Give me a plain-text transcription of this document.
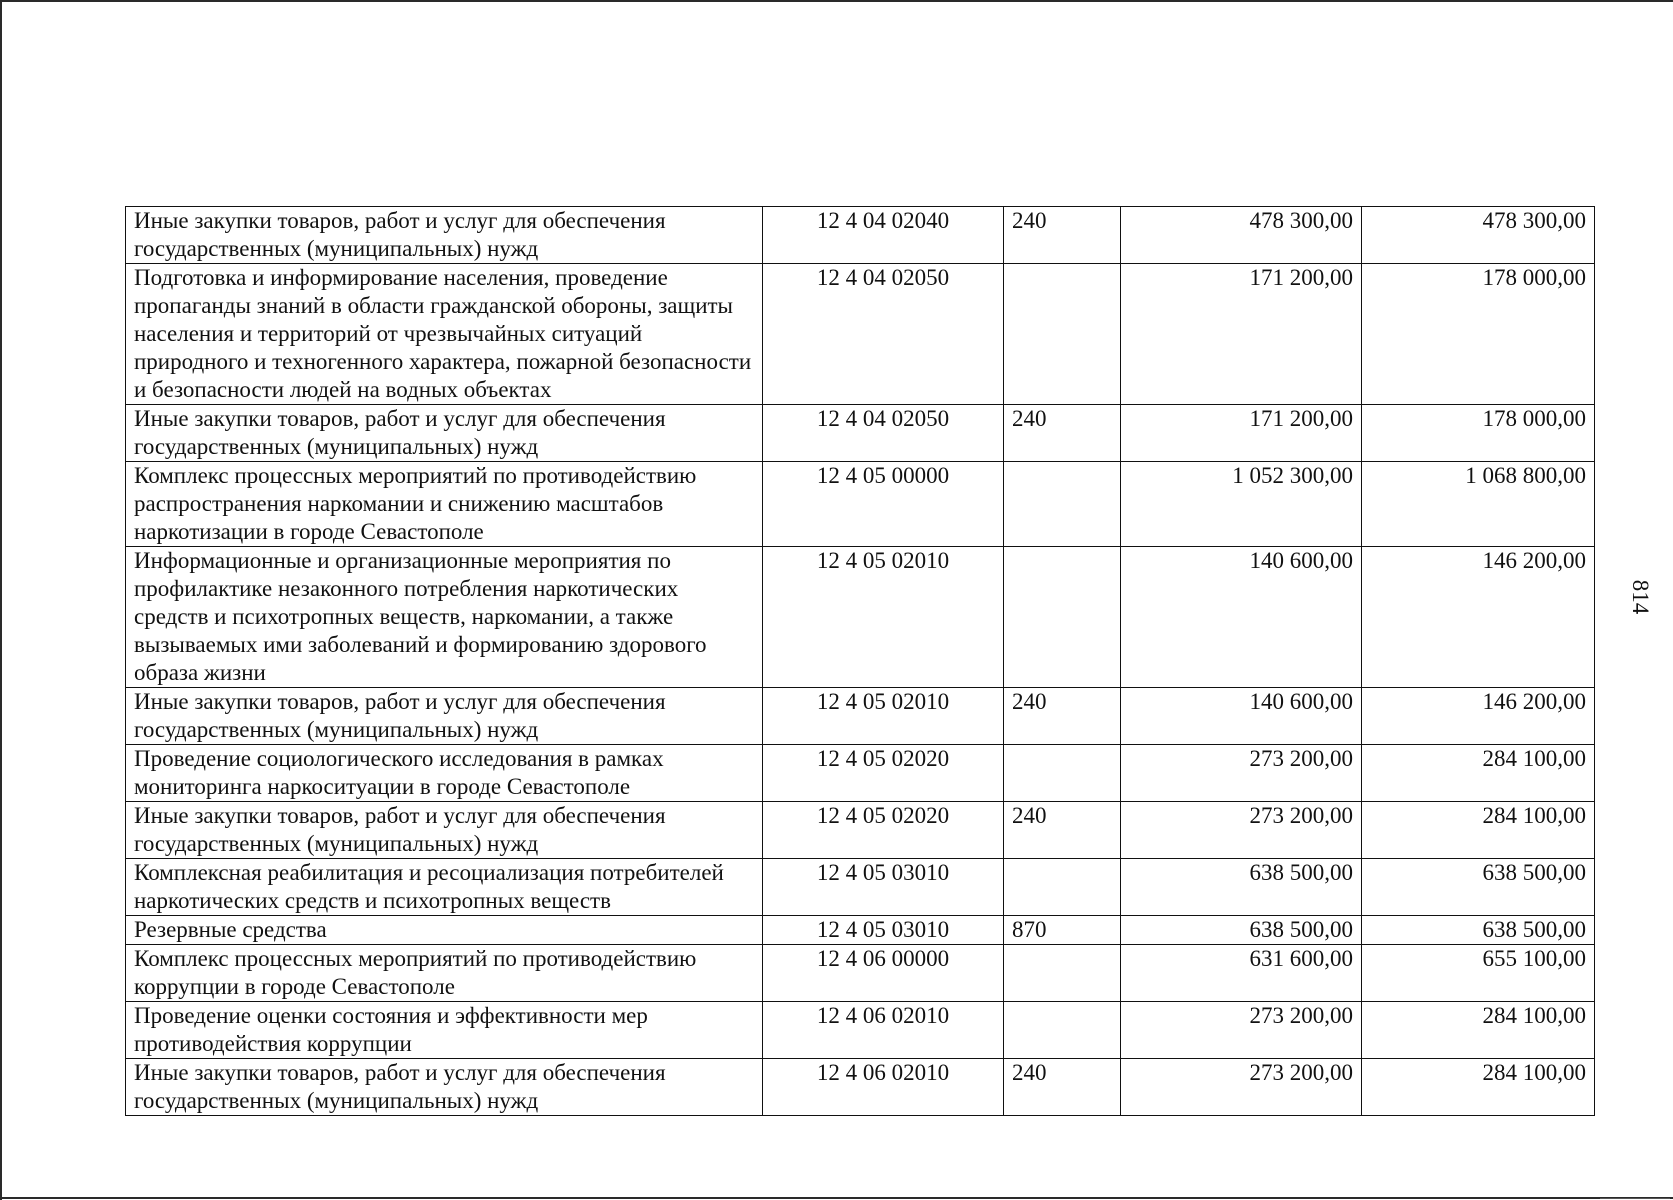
Иные закупки товаров, работ и услуг для обеспечения государственных (муниципальных) нужд	12 4 04 02040	240	478 300,00	478 300,00
Подготовка и информирование населения, проведение пропаганды знаний в области гражданской обороны, защиты населения и территорий от чрезвычайных ситуаций природного и техногенного характера, пожарной безопасности и безопасности людей на водных объектах	12 4 04 02050		171 200,00	178 000,00
Иные закупки товаров, работ и услуг для обеспечения государственных (муниципальных) нужд	12 4 04 02050	240	171 200,00	178 000,00
Комплекс процессных мероприятий по противодействию распространения наркомании и снижению масштабов наркотизации в городе Севастополе	12 4 05 00000		1 052 300,00	1 068 800,00
Информационные и организационные мероприятия по профилактике незаконного потребления наркотических средств и психотропных веществ, наркомании, а также вызываемых ими заболеваний и формированию здорового образа жизни	12 4 05 02010		140 600,00	146 200,00
Иные закупки товаров, работ и услуг для обеспечения государственных (муниципальных) нужд	12 4 05 02010	240	140 600,00	146 200,00
Проведение социологического исследования в рамках мониторинга наркоситуации в городе Севастополе	12 4 05 02020		273 200,00	284 100,00
Иные закупки товаров, работ и услуг для обеспечения государственных (муниципальных) нужд	12 4 05 02020	240	273 200,00	284 100,00
Комплексная реабилитация и ресоциализация потребителей наркотических средств и психотропных веществ	12 4 05 03010		638 500,00	638 500,00
Резервные средства	12 4 05 03010	870	638 500,00	638 500,00
Комплекс процессных мероприятий по противодействию коррупции в городе Севастополе	12 4 06 00000		631 600,00	655 100,00
Проведение оценки состояния и эффективности мер противодействия коррупции	12 4 06 02010		273 200,00	284 100,00
Иные закупки товаров, работ и услуг для обеспечения государственных (муниципальных) нужд	12 4 06 02010	240	273 200,00	284 100,00
814
